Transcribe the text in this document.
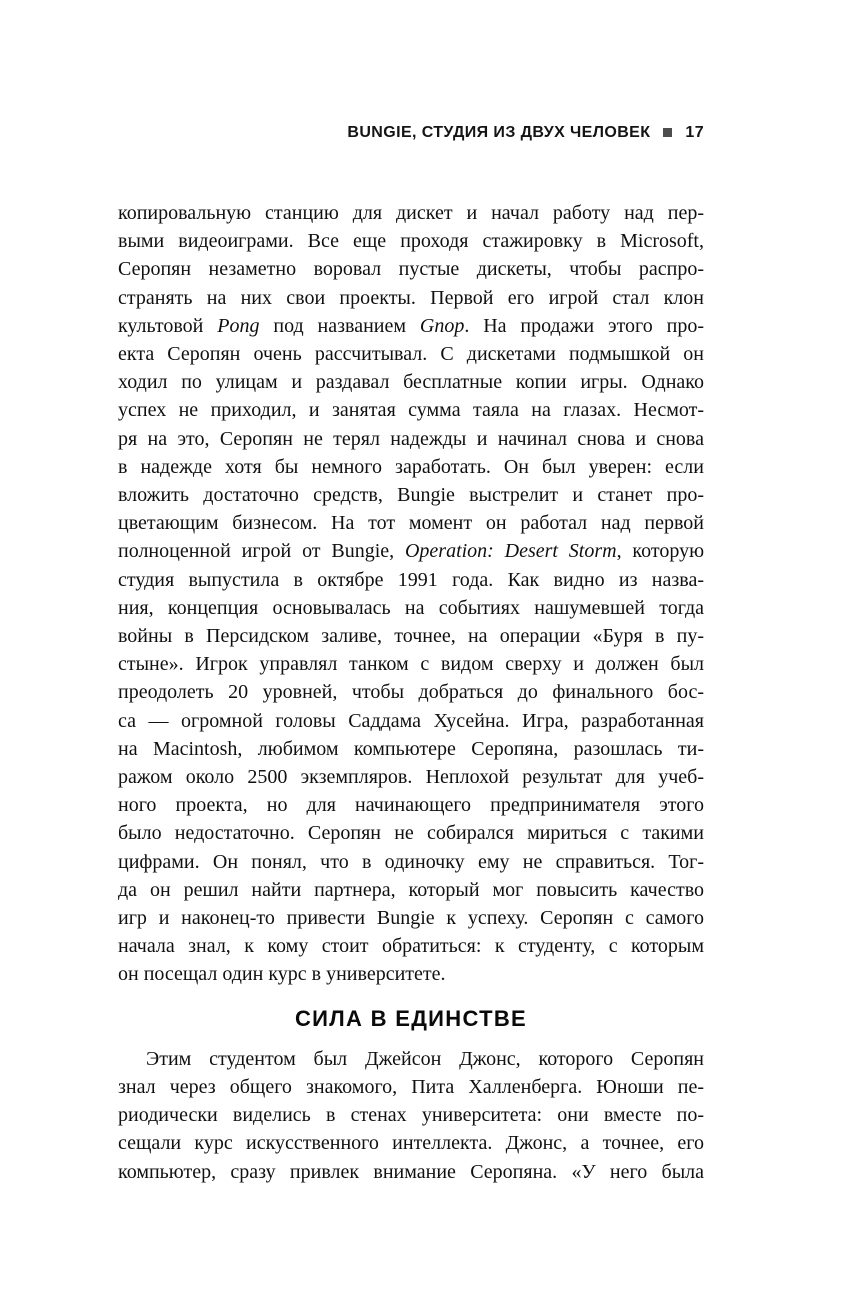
BUNGIE, СТУДИЯ ИЗ ДВУХ ЧЕЛОВЕК 17
копировальную станцию для дискет и начал работу над пер-
выми видеоиграми. Все еще проходя стажировку в Microsoft,
Серопян незаметно воровал пустые дискеты, чтобы распро-
странять на них свои проекты. Первой его игрой стал клон
культовой Pong под названием Gnop. На продажи этого про-
екта Серопян очень рассчитывал. С дискетами подмышкой он
ходил по улицам и раздавал бесплатные копии игры. Однако
успех не приходил, и занятая сумма таяла на глазах. Несмот-
ря на это, Серопян не терял надежды и начинал снова и снова
в надежде хотя бы немного заработать. Он был уверен: если
вложить достаточно средств, Bungie выстрелит и станет про-
цветающим бизнесом. На тот момент он работал над первой
полноценной игрой от Bungie, Operation: Desert Storm, которую
студия выпустила в октябре 1991 года. Как видно из назва-
ния, концепция основывалась на событиях нашумевшей тогда
войны в Персидском заливе, точнее, на операции «Буря в пу-
стыне». Игрок управлял танком с видом сверху и должен был
преодолеть 20 уровней, чтобы добраться до финального бос-
са — огромной головы Саддама Хусейна. Игра, разработанная
на Macintosh, любимом компьютере Серопяна, разошлась ти-
ражом около 2500 экземпляров. Неплохой результат для учеб-
ного проекта, но для начинающего предпринимателя этого
было недостаточно. Серопян не собирался мириться с такими
цифрами. Он понял, что в одиночку ему не справиться. Тог-
да он решил найти партнера, который мог повысить качество
игр и наконец-то привести Bungie к успеху. Серопян с самого
начала знал, к кому стоит обратиться: к студенту, с которым
он посещал один курс в университете.
СИЛА В ЕДИНСТВЕ
Этим студентом был Джейсон Джонс, которого Серопян
знал через общего знакомого, Пита Халленберга. Юноши пе-
риодически виделись в стенах университета: они вместе по-
сещали курс искусственного интеллекта. Джонс, а точнее, его
компьютер, сразу привлек внимание Серопяна. «У него была
